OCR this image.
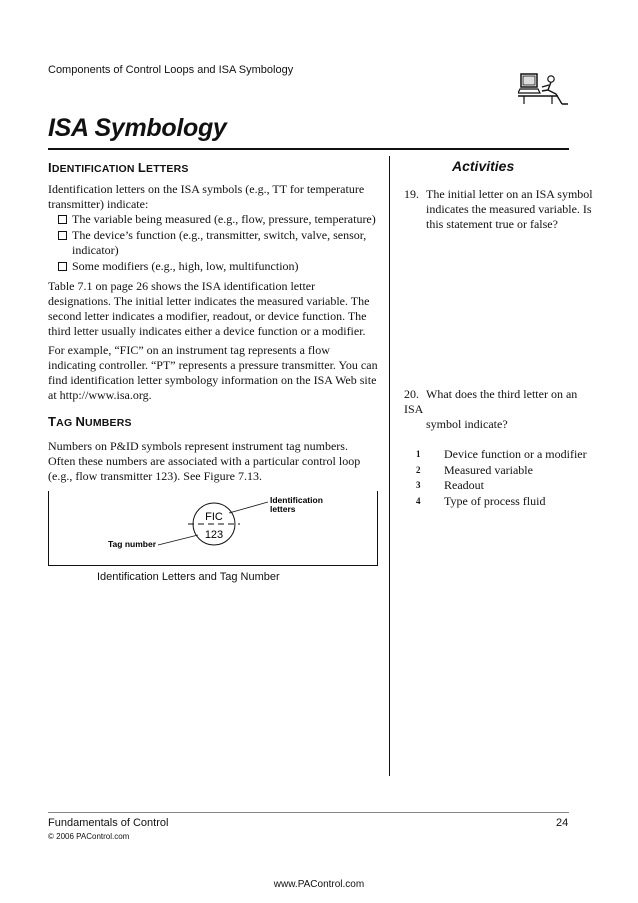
Components of Control Loops and ISA Symbology
ISA Symbology
IDENTIFICATION LETTERS
Identification letters on the ISA symbols (e.g., TT for temperature transmitter) indicate:
The variable being measured (e.g., flow, pressure, temperature)
The device’s function (e.g., transmitter, switch, valve, sensor, indicator)
Some modifiers (e.g., high, low, multifunction)
Table 7.1 on page 26 shows the ISA identification letter designations. The initial letter indicates the measured variable. The second letter indicates a modifier, readout, or device function. The third letter usually indicates either a device function or a modifier.
For example, “FIC” on an instrument tag represents a flow indicating controller. “PT” represents a pressure transmitter. You can find identification letter symbology information on the ISA Web site at http://www.isa.org.
TAG NUMBERS
Numbers on P&ID symbols represent instrument tag numbers. Often these numbers are associated with a particular control loop (e.g., flow transmitter 123). See Figure 7.13.
FIC
123
Identification
letters
Tag number
Identification Letters and Tag Number
Activities
19. The initial letter on an ISA symbol
indicates the measured variable. Is this statement true or false?
20. What does the third letter on an ISA
symbol indicate?
1	Device function or a modifier
2	Measured variable
3	Readout
4	Type of process fluid
Fundamentals of Control	24
© 2006 PAControl.com
www.PAControl.com
